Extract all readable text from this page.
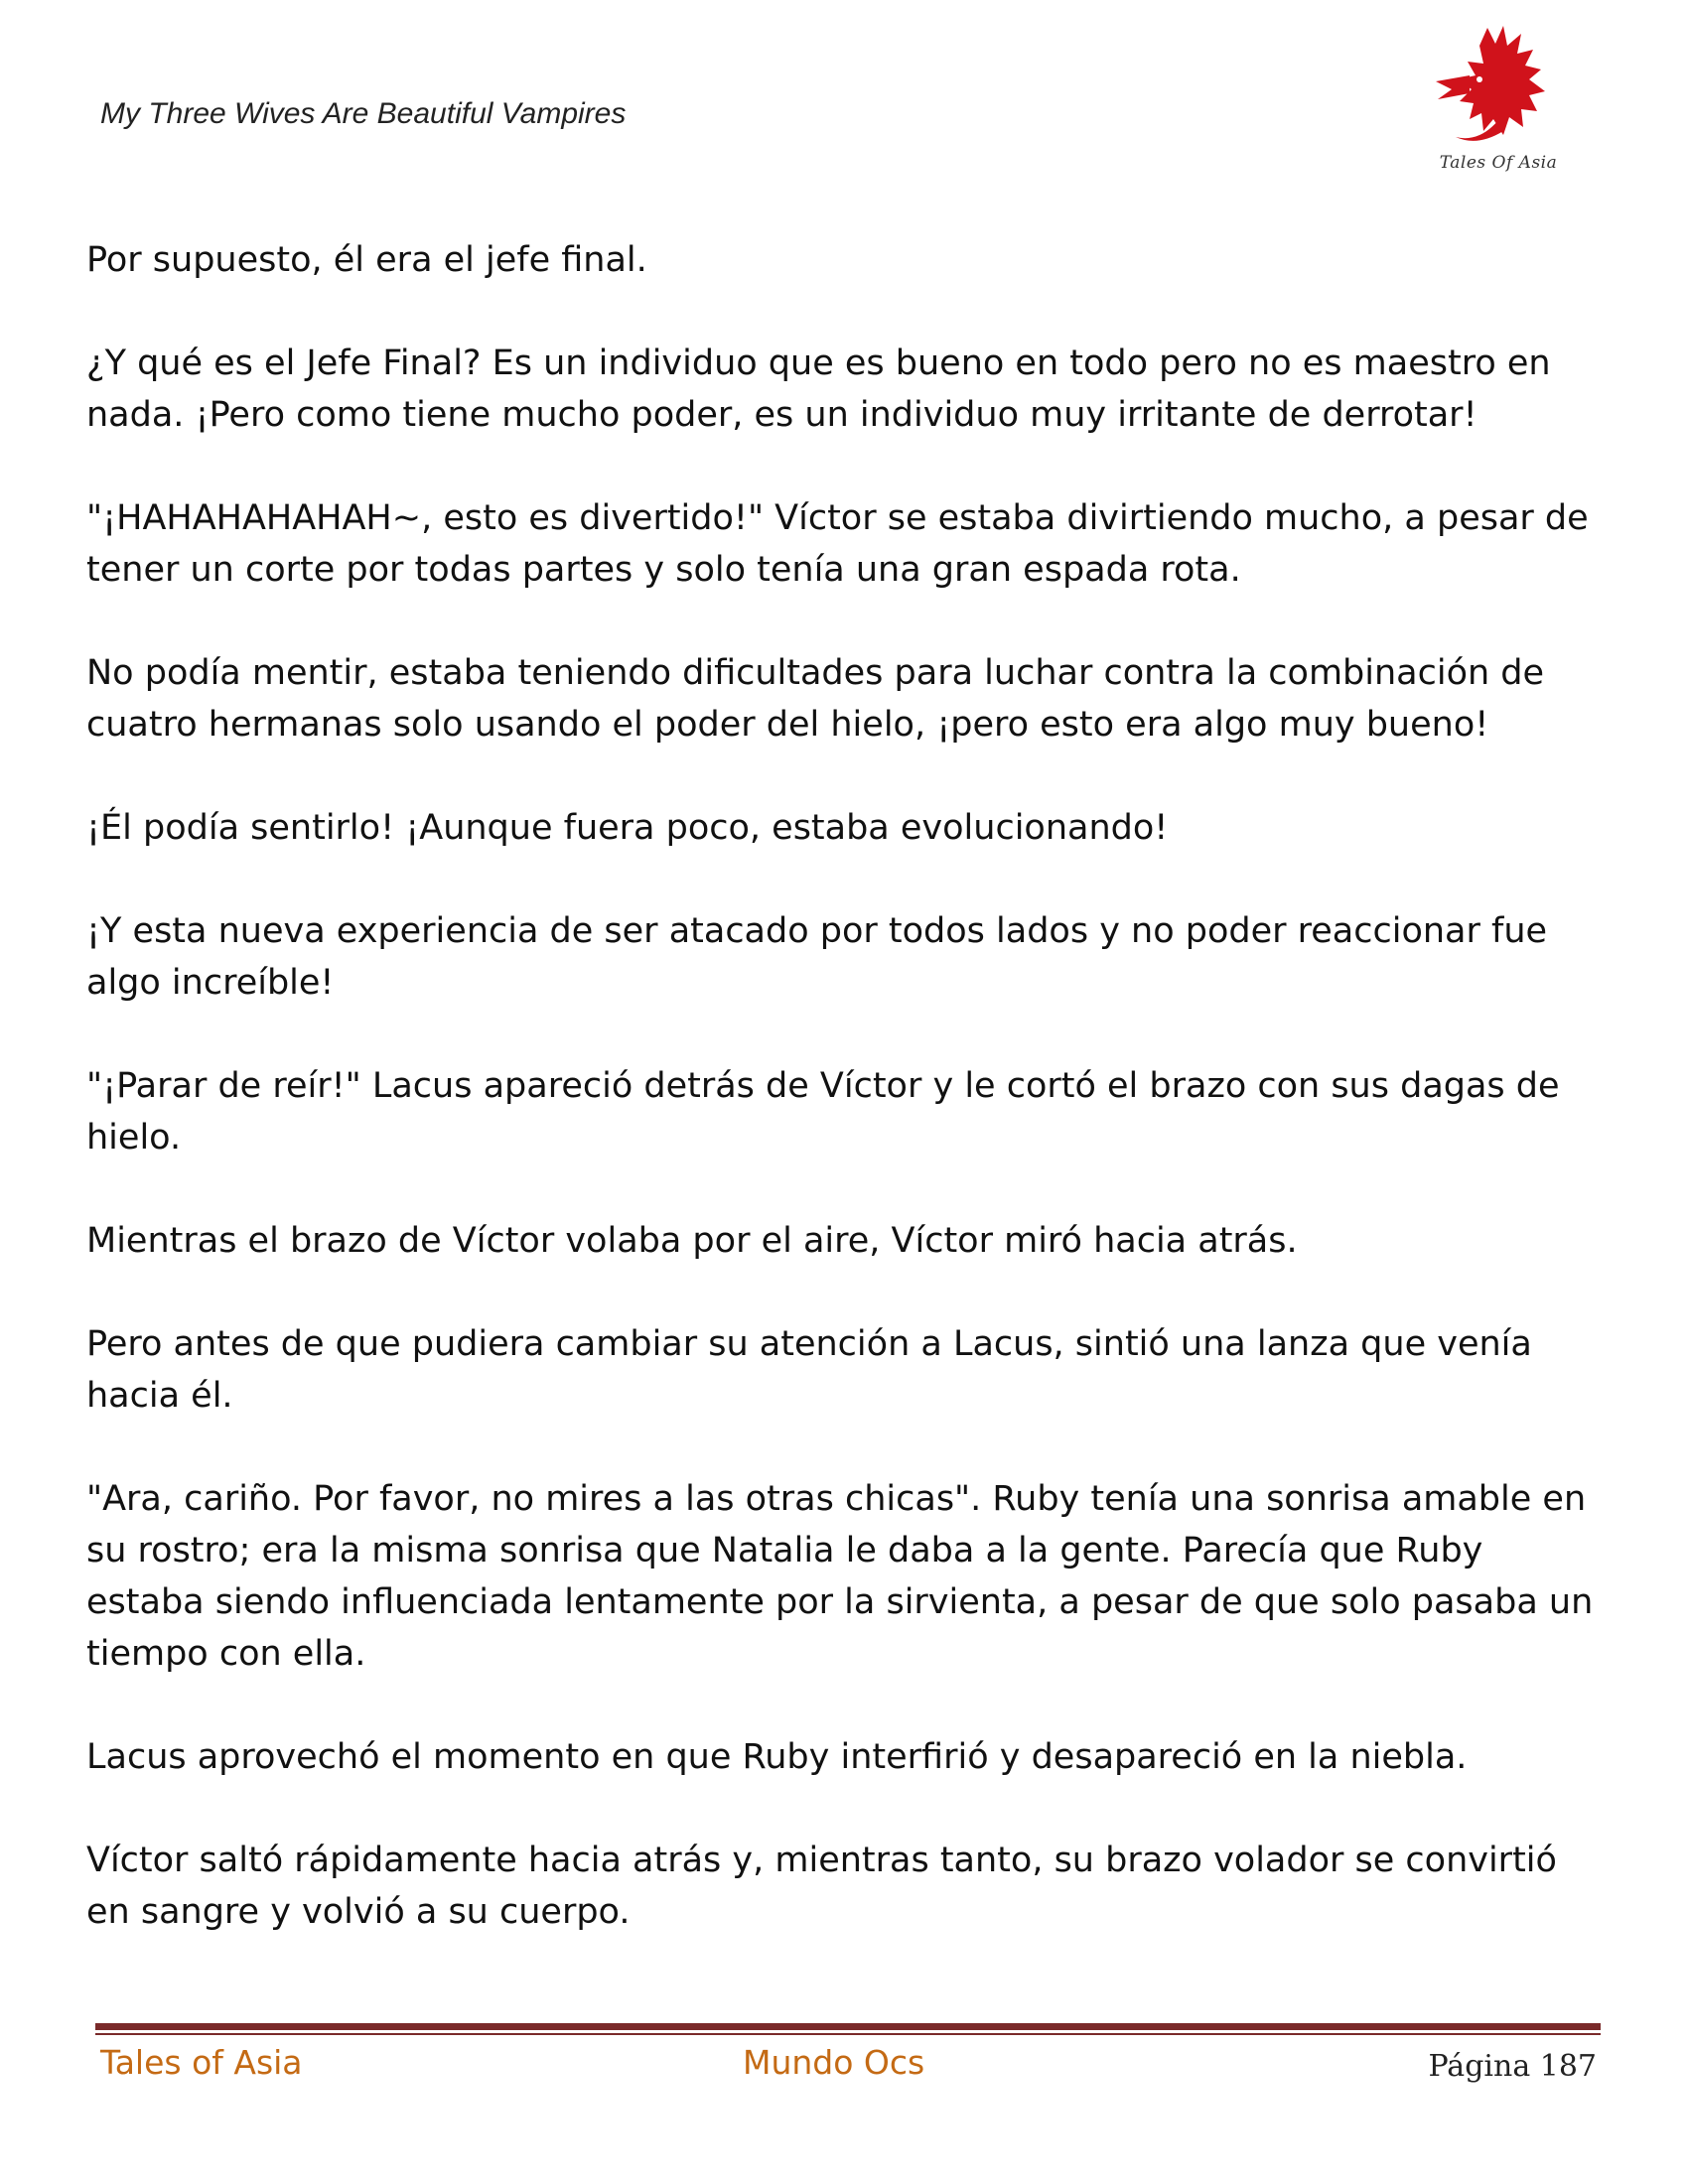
My Three Wives Are Beautiful Vampires
Tales Of Asia

Por supuesto, él era el jefe final.

¿Y qué es el Jefe Final? Es un individuo que es bueno en todo pero no es maestro en nada. ¡Pero como tiene mucho poder, es un individuo muy irritante de derrotar!

"¡HAHAHAHAHAH~, esto es divertido!" Víctor se estaba divirtiendo mucho, a pesar de tener un corte por todas partes y solo tenía una gran espada rota.

No podía mentir, estaba teniendo dificultades para luchar contra la combinación de cuatro hermanas solo usando el poder del hielo, ¡pero esto era algo muy bueno!

¡Él podía sentirlo! ¡Aunque fuera poco, estaba evolucionando!

¡Y esta nueva experiencia de ser atacado por todos lados y no poder reaccionar fue algo increíble!

"¡Parar de reír!" Lacus apareció detrás de Víctor y le cortó el brazo con sus dagas de hielo.

Mientras el brazo de Víctor volaba por el aire, Víctor miró hacia atrás.

Pero antes de que pudiera cambiar su atención a Lacus, sintió una lanza que venía hacia él.

"Ara, cariño. Por favor, no mires a las otras chicas". Ruby tenía una sonrisa amable en su rostro; era la misma sonrisa que Natalia le daba a la gente. Parecía que Ruby estaba siendo influenciada lentamente por la sirvienta, a pesar de que solo pasaba un tiempo con ella.

Lacus aprovechó el momento en que Ruby interfirió y desapareció en la niebla.

Víctor saltó rápidamente hacia atrás y, mientras tanto, su brazo volador se convirtió en sangre y volvió a su cuerpo.

Tales of Asia	Mundo Ocs	Página 187
